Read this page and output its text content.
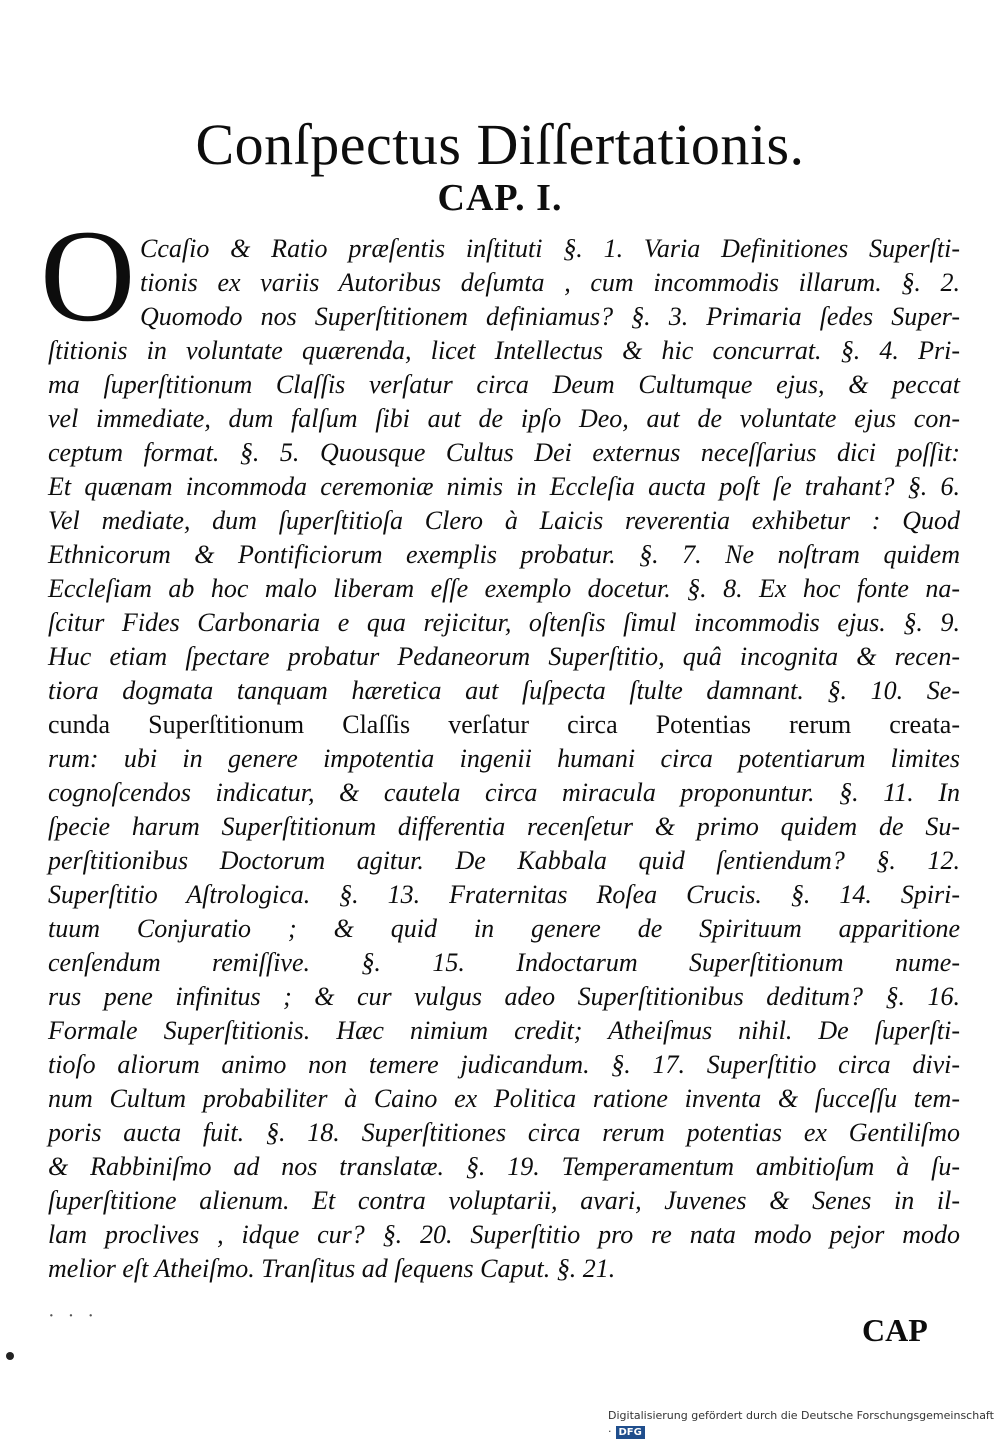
Conſpectus Diſſertationis.
CAP. I.
O Ccaſio & Ratio præſentis inſtituti §. 1. Varia Definitiones Superſti-
tionis ex variis Autoribus deſumta , cum incommodis illarum. §. 2.
Quomodo nos Superſtitionem definiamus? §. 3. Primaria ſedes Super-
ſtitionis in voluntate quærenda, licet Intellectus & hic concurrat. §. 4. Pri-
ma ſuperſtitionum Claſſis verſatur circa Deum Cultumque ejus, & peccat
vel immediate, dum falſum ſibi aut de ipſo Deo, aut de voluntate ejus con-
ceptum format. §. 5. Quousque Cultus Dei externus neceſſarius dici poſſit:
Et quænam incommoda ceremoniæ nimis in Eccleſia aucta poſt ſe trahant? §. 6.
Vel mediate, dum ſuperſtitioſa Clero à Laicis reverentia exhibetur : Quod
Ethnicorum & Pontificiorum exemplis probatur. §. 7. Ne noſtram quidem
Eccleſiam ab hoc malo liberam eſſe exemplo docetur. §. 8. Ex hoc fonte na-
ſcitur Fides Carbonaria e qua rejicitur, oſtenſis ſimul incommodis ejus. §. 9.
Huc etiam ſpectare probatur Pedaneorum Superſtitio, quâ incognita & recen-
tiora dogmata tanquam hæretica aut ſuſpecta ſtulte damnant. §. 10. Se-
cunda Superſtitionum Claſſis verſatur circa Potentias rerum creata-
rum: ubi in genere impotentia ingenii humani circa potentiarum limites
cognoſcendos indicatur, & cautela circa miracula proponuntur. §. 11. In
ſpecie harum Superſtitionum differentia recenſetur & primo quidem de Su-
perſtitionibus Doctorum agitur. De Kabbala quid ſentiendum? §. 12.
Superſtitio Aſtrologica. §. 13. Fraternitas Roſea Crucis. §. 14. Spiri-
tuum Conjuratio ; & quid in genere de Spirituum apparitione
cenſendum remiſſive. §. 15. Indoctarum Superſtitionum nume-
rus pene infinitus ; & cur vulgus adeo Superſtitionibus deditum? §. 16.
Formale Superſtitionis. Hæc nimium credit; Atheiſmus nihil. De ſuperſti-
tioſo aliorum animo non temere judicandum. §. 17. Superſtitio circa divi-
num Cultum probabiliter à Caino ex Politica ratione inventa & ſucceſſu tem-
poris aucta fuit. §. 18. Superſtitiones circa rerum potentias ex Gentiliſmo
& Rabbiniſmo ad nos translatæ. §. 19. Temperamentum ambitioſum à ſu-
ſuperſtitione alienum. Et contra voluptarii, avari, Juvenes & Senes in il-
lam proclives , idque cur? §. 20. Superſtitio pro re nata modo pejor modo
melior eſt Atheiſmo. Tranſitus ad ſequens Caput. §. 21.
· · ·	CAP
Digitalisierung gefördert durch die Deutsche Forschungsgemeinschaft · DFG
